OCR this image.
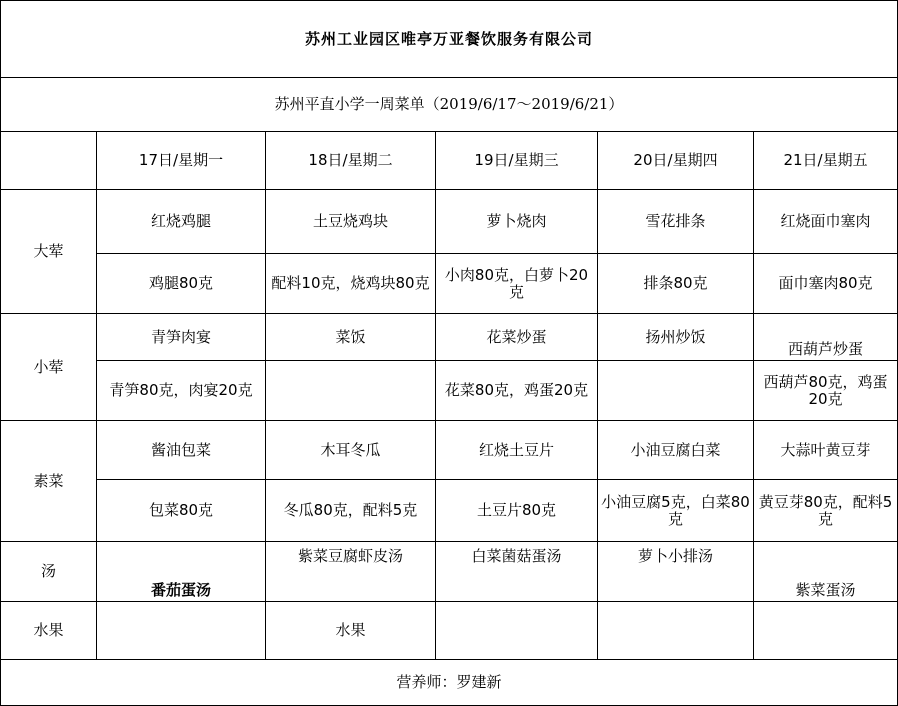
苏州工业园区唯亭万亚餐饮服务有限公司					
苏州平直小学一周菜单（2019/6/17～2019/6/21）					
	17日/星期一	18日/星期二	19日/星期三	20日/星期四	21日/星期五
大荤	红烧鸡腿	土豆烧鸡块	萝卜烧肉	雪花排条	红烧面巾塞肉
	鸡腿80克	配料10克，烧鸡块80克	小肉80克，白萝卜20克	排条80克	面巾塞肉80克
小荤	青笋肉宴	菜饭	花菜炒蛋	扬州炒饭	西葫芦炒蛋
	青笋80克，肉宴20克		花菜80克，鸡蛋20克		西葫芦80克，鸡蛋20克
素菜	酱油包菜	木耳冬瓜	红烧土豆片	小油豆腐白菜	大蒜叶黄豆芽
	包菜80克	冬瓜80克，配料5克	土豆片80克	小油豆腐5克，白菜80克	黄豆芽80克，配料5克
汤	番茄蛋汤	紫菜豆腐虾皮汤	白菜菌菇蛋汤	萝卜小排汤	紫菜蛋汤
水果		水果			
营养师：罗建新					
